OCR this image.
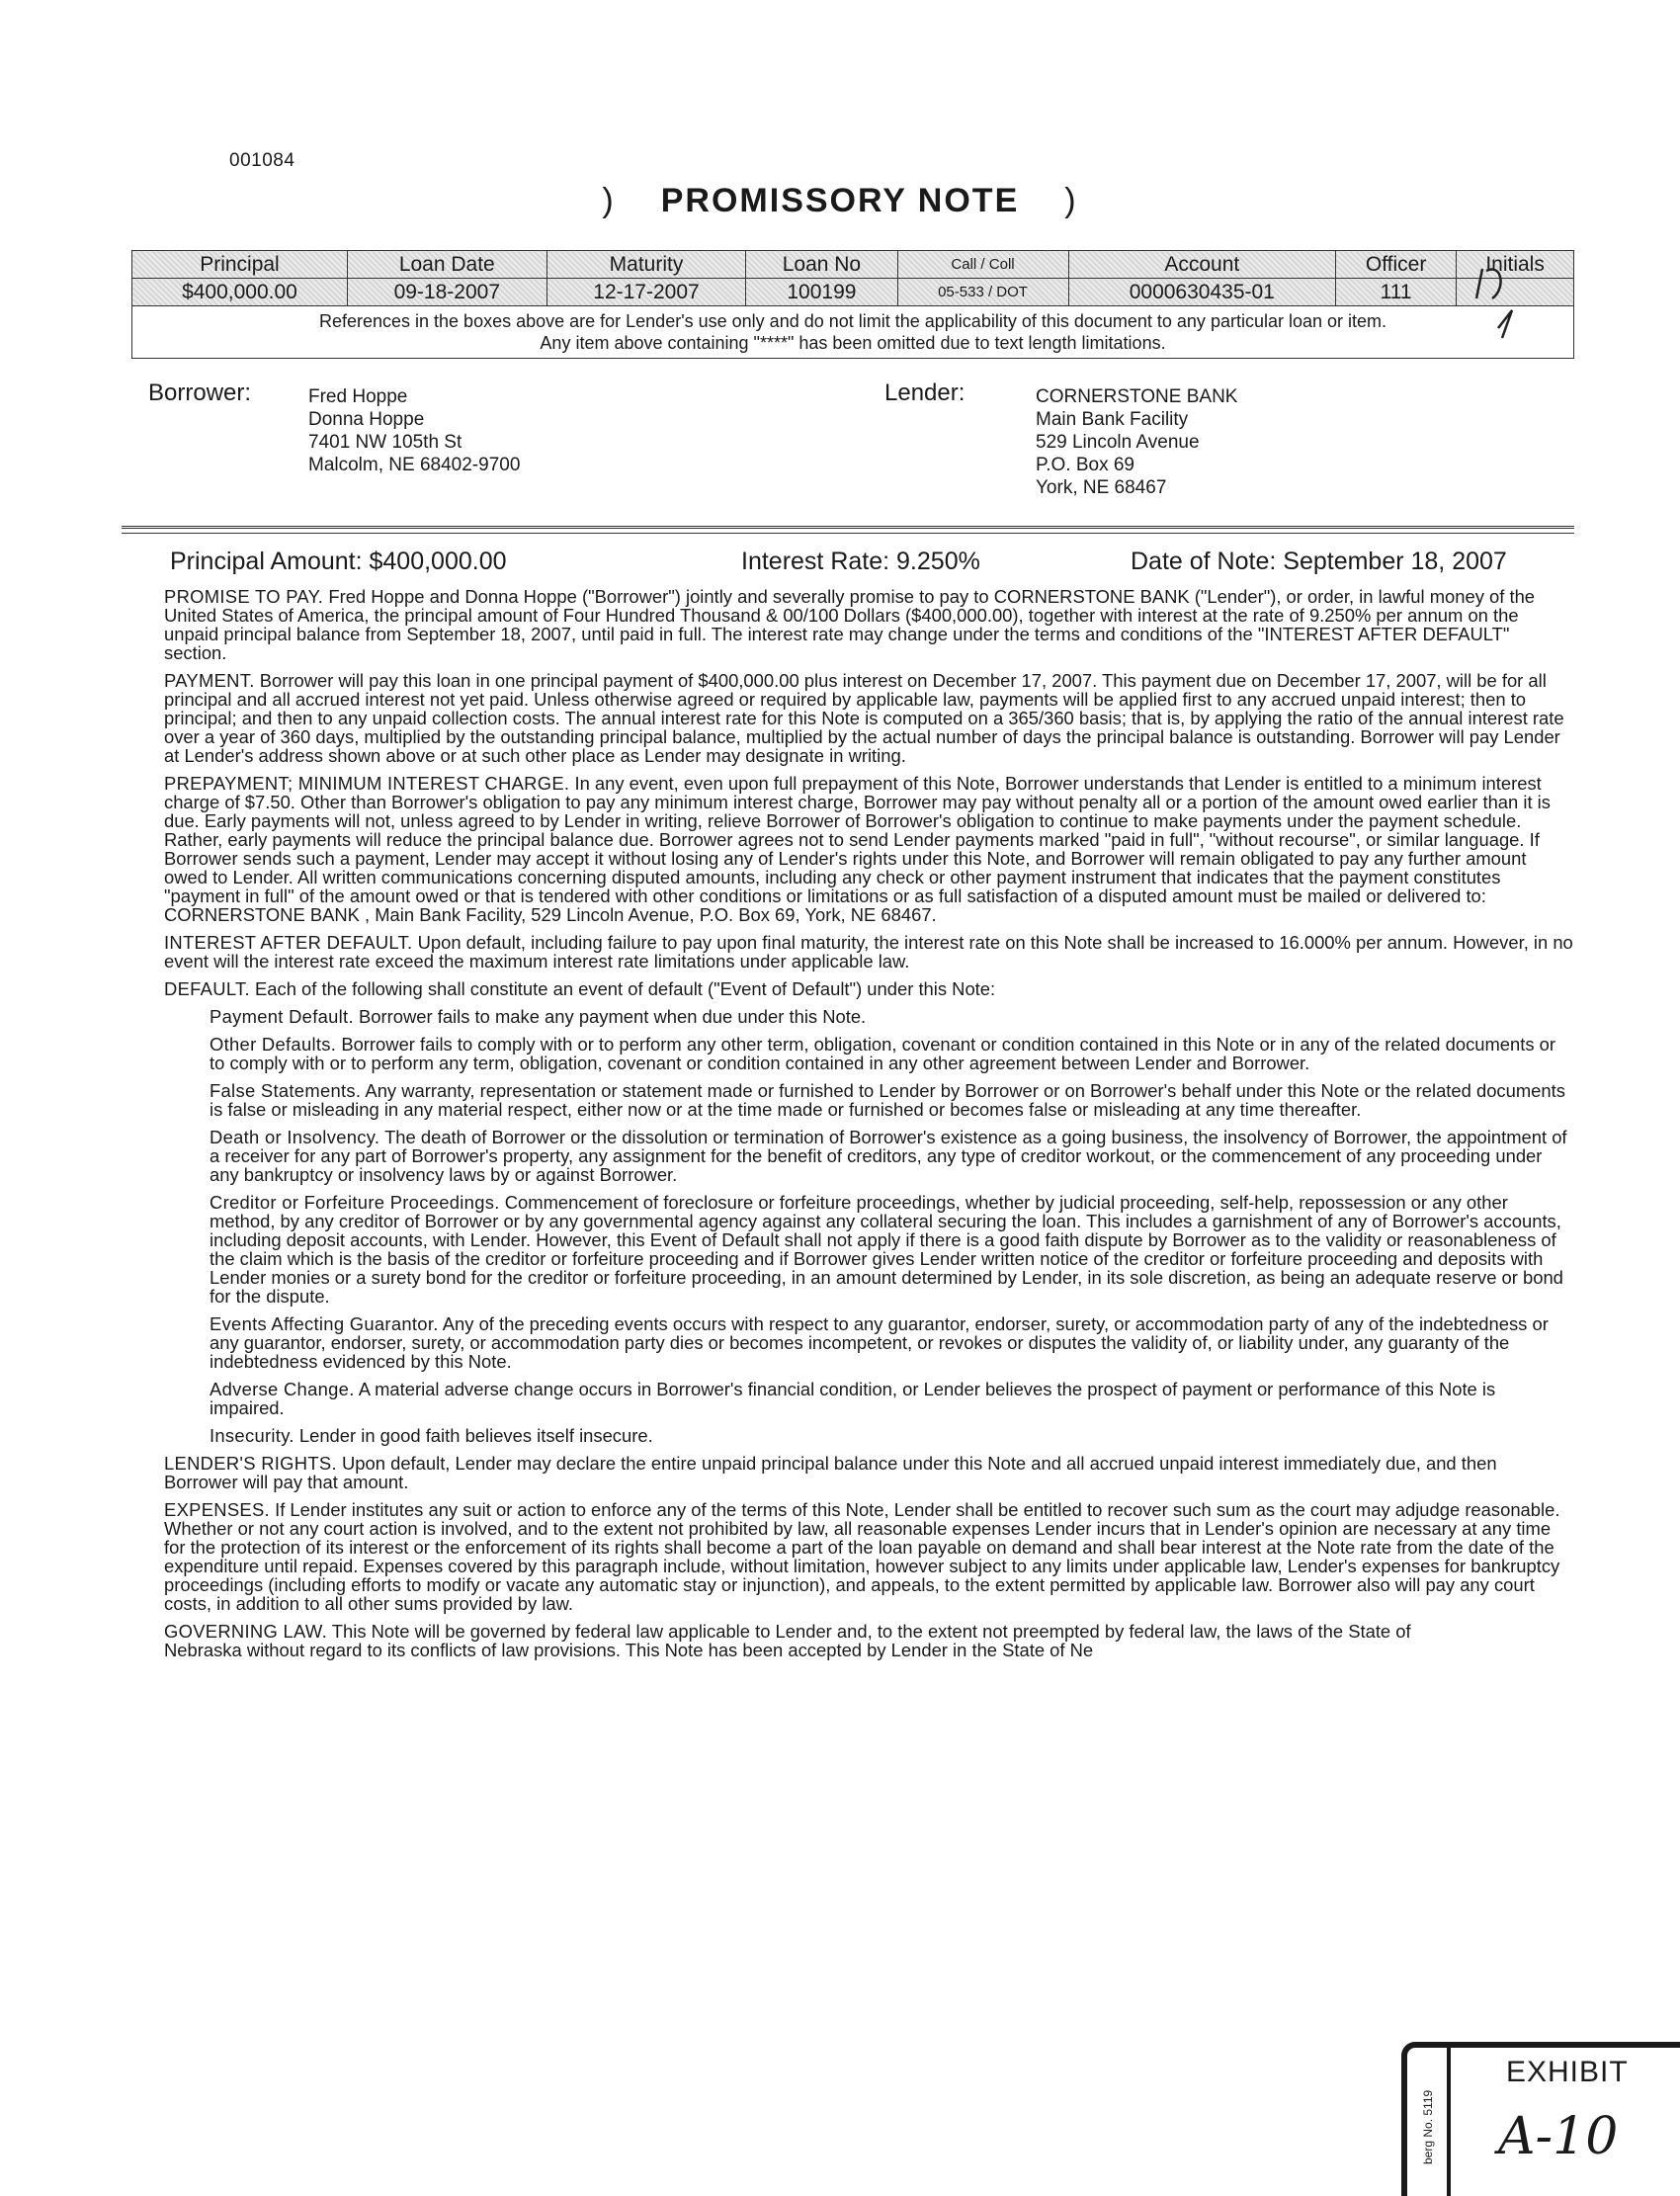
001084
) PROMISSORY NOTE )
Principal	Loan Date	Maturity	Loan No	Call / Coll	Account	Officer	Initials
$400,000.00	09-18-2007	12-17-2007	100199	05-533 / DOT	0000630435-01	111	

References in the boxes above are for Lender's use only and do not limit the applicability of this document to any particular loan or item.
Any item above containing "****" has been omitted due to text length limitations.							
Borrower:	Fred Hoppe
Donna Hoppe
7401 NW 105th St
Malcolm, NE 68402-9700
Lender:	CORNERSTONE BANK
Main Bank Facility
529 Lincoln Avenue
P.O. Box 69
York, NE 68467
Principal Amount: $400,000.00	Interest Rate: 9.250%	Date of Note: September 18, 2007

PROMISE TO PAY. Fred Hoppe and Donna Hoppe ("Borrower") jointly and severally promise to pay to CORNERSTONE BANK ("Lender"), or order, in lawful money of the United States of America, the principal amount of Four Hundred Thousand & 00/100 Dollars ($400,000.00), together with interest at the rate of 9.250% per annum on the unpaid principal balance from September 18, 2007, until paid in full. The interest rate may change under the terms and conditions of the "INTEREST AFTER DEFAULT" section.

PAYMENT. Borrower will pay this loan in one principal payment of $400,000.00 plus interest on December 17, 2007. This payment due on December 17, 2007, will be for all principal and all accrued interest not yet paid. Unless otherwise agreed or required by applicable law, payments will be applied first to any accrued unpaid interest; then to principal; and then to any unpaid collection costs. The annual interest rate for this Note is computed on a 365/360 basis; that is, by applying the ratio of the annual interest rate over a year of 360 days, multiplied by the outstanding principal balance, multiplied by the actual number of days the principal balance is outstanding. Borrower will pay Lender at Lender's address shown above or at such other place as Lender may designate in writing.

PREPAYMENT; MINIMUM INTEREST CHARGE. In any event, even upon full prepayment of this Note, Borrower understands that Lender is entitled to a minimum interest charge of $7.50. Other than Borrower's obligation to pay any minimum interest charge, Borrower may pay without penalty all or a portion of the amount owed earlier than it is due. Early payments will not, unless agreed to by Lender in writing, relieve Borrower of Borrower's obligation to continue to make payments under the payment schedule. Rather, early payments will reduce the principal balance due. Borrower agrees not to send Lender payments marked "paid in full", "without recourse", or similar language. If Borrower sends such a payment, Lender may accept it without losing any of Lender's rights under this Note, and Borrower will remain obligated to pay any further amount owed to Lender. All written communications concerning disputed amounts, including any check or other payment instrument that indicates that the payment constitutes "payment in full" of the amount owed or that is tendered with other conditions or limitations or as full satisfaction of a disputed amount must be mailed or delivered to: CORNERSTONE BANK , Main Bank Facility, 529 Lincoln Avenue, P.O. Box 69, York, NE 68467.

INTEREST AFTER DEFAULT. Upon default, including failure to pay upon final maturity, the interest rate on this Note shall be increased to 16.000% per annum. However, in no event will the interest rate exceed the maximum interest rate limitations under applicable law.

DEFAULT. Each of the following shall constitute an event of default ("Event of Default") under this Note:

Payment Default. Borrower fails to make any payment when due under this Note.

Other Defaults. Borrower fails to comply with or to perform any other term, obligation, covenant or condition contained in this Note or in any of the related documents or to comply with or to perform any term, obligation, covenant or condition contained in any other agreement between Lender and Borrower.

False Statements. Any warranty, representation or statement made or furnished to Lender by Borrower or on Borrower's behalf under this Note or the related documents is false or misleading in any material respect, either now or at the time made or furnished or becomes false or misleading at any time thereafter.

Death or Insolvency. The death of Borrower or the dissolution or termination of Borrower's existence as a going business, the insolvency of Borrower, the appointment of a receiver for any part of Borrower's property, any assignment for the benefit of creditors, any type of creditor workout, or the commencement of any proceeding under any bankruptcy or insolvency laws by or against Borrower.

Creditor or Forfeiture Proceedings. Commencement of foreclosure or forfeiture proceedings, whether by judicial proceeding, self-help, repossession or any other method, by any creditor of Borrower or by any governmental agency against any collateral securing the loan. This includes a garnishment of any of Borrower's accounts, including deposit accounts, with Lender. However, this Event of Default shall not apply if there is a good faith dispute by Borrower as to the validity or reasonableness of the claim which is the basis of the creditor or forfeiture proceeding and if Borrower gives Lender written notice of the creditor or forfeiture proceeding and deposits with Lender monies or a surety bond for the creditor or forfeiture proceeding, in an amount determined by Lender, in its sole discretion, as being an adequate reserve or bond for the dispute.

Events Affecting Guarantor. Any of the preceding events occurs with respect to any guarantor, endorser, surety, or accommodation party of any of the indebtedness or any guarantor, endorser, surety, or accommodation party dies or becomes incompetent, or revokes or disputes the validity of, or liability under, any guaranty of the indebtedness evidenced by this Note.

Adverse Change. A material adverse change occurs in Borrower's financial condition, or Lender believes the prospect of payment or performance of this Note is impaired.

Insecurity. Lender in good faith believes itself insecure.

LENDER'S RIGHTS. Upon default, Lender may declare the entire unpaid principal balance under this Note and all accrued unpaid interest immediately due, and then Borrower will pay that amount.

EXPENSES. If Lender institutes any suit or action to enforce any of the terms of this Note, Lender shall be entitled to recover such sum as the court may adjudge reasonable. Whether or not any court action is involved, and to the extent not prohibited by law, all reasonable expenses Lender incurs that in Lender's opinion are necessary at any time for the protection of its interest or the enforcement of its rights shall become a part of the loan payable on demand and shall bear interest at the Note rate from the date of the expenditure until repaid. Expenses covered by this paragraph include, without limitation, however subject to any limits under applicable law, Lender's expenses for bankruptcy proceedings (including efforts to modify or vacate any automatic stay or injunction), and appeals, to the extent permitted by applicable law. Borrower also will pay any court costs, in addition to all other sums provided by law.

GOVERNING LAW. This Note will be governed by federal law applicable to Lender and, to the extent not preempted by federal law, the laws of the State of Nebraska without regard to its conflicts of law provisions. This Note has been accepted by Lender in the State of Ne

berg No. 5119
EXHIBIT
A-10
